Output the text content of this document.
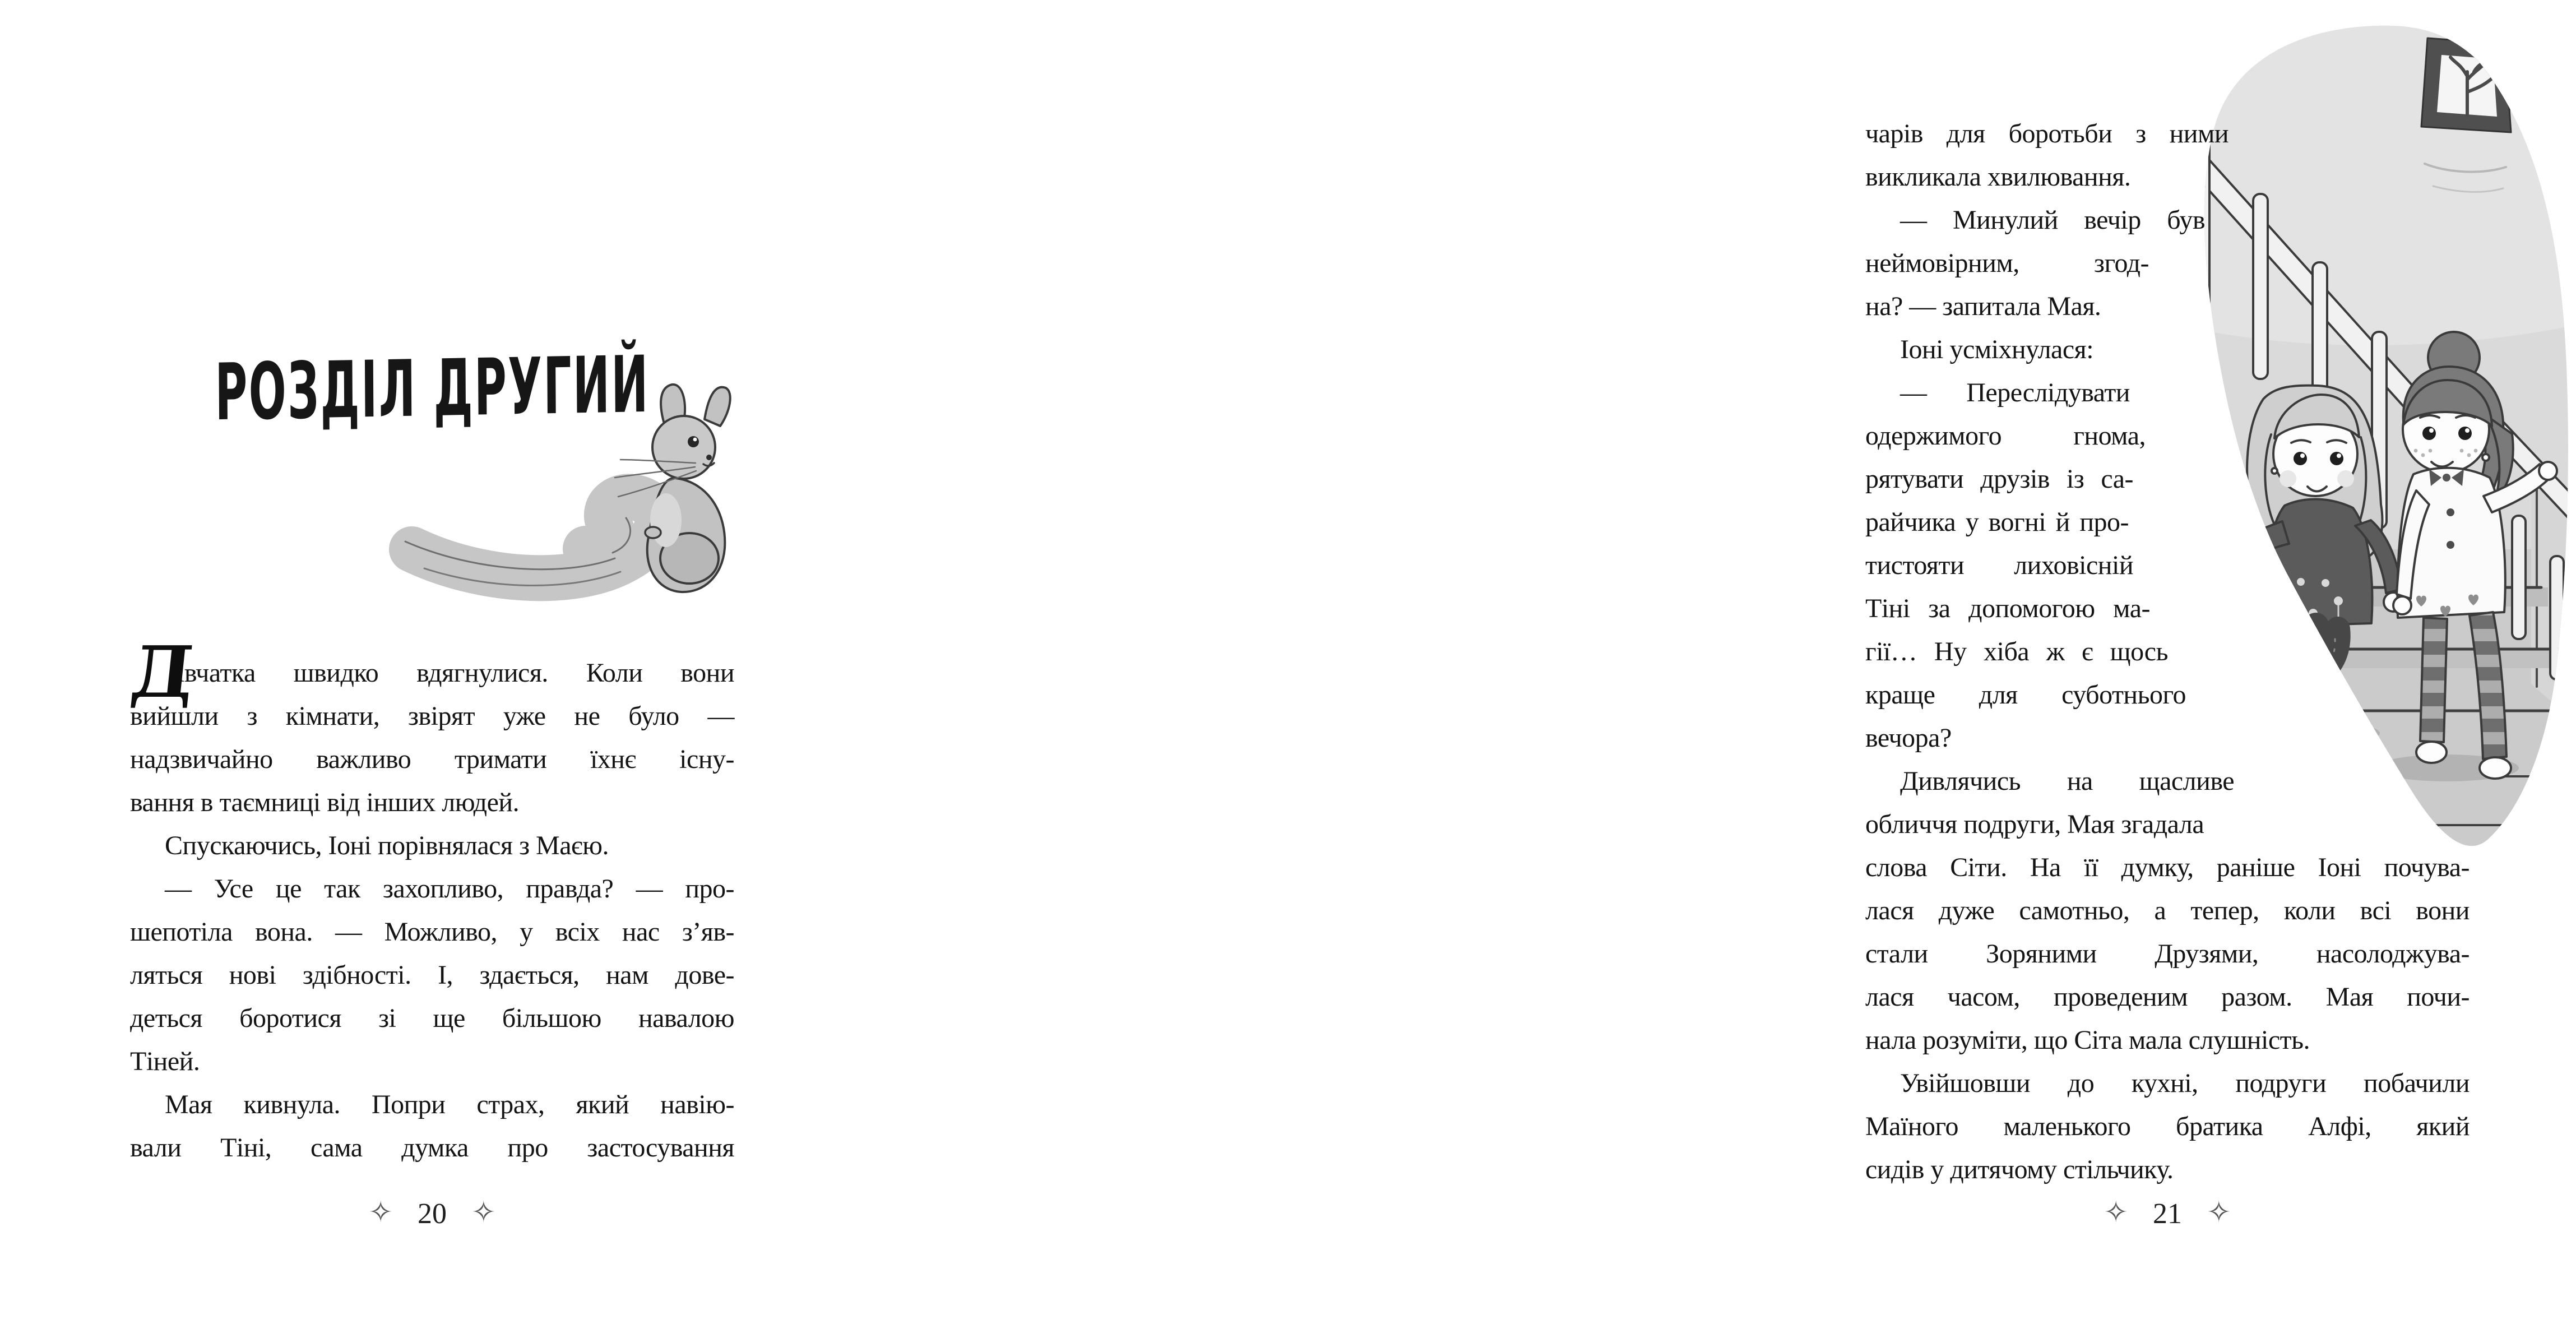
РОЗДІЛ ДРУГИЙ
Д
івчатка швидко вдягнулися. Коли вони
вийшли з кімнати, звірят уже не було —
надзвичайно важливо тримати їхнє існу-
вання в таємниці від інших людей.
Спускаючись, Іоні порівнялася з Маєю.
— Усе це так захопливо, правда? — про-
шепотіла вона. — Можливо, у всіх нас з’яв-
ляться нові здібності. І, здається, нам дове-
деться боротися зі ще більшою навалою
Тіней.
Мая кивнула. Попри страх, який навію-
вали Тіні, сама думка про застосування
✧ 20 ✧
чарів для боротьби з ними
викликала хвилювання.
— Минулий вечір був
неймовірним, згод-
на? — запитала Мая.
Іоні усміхнулася:
— Переслідувати
одержимого гнома,
рятувати друзів із са-
райчика у вогні й про-
тистояти лиховісній
Тіні за допомогою ма-
гії… Ну хіба ж є щось
краще для суботнього
вечора?
Дивлячись на щасливе
обличчя подруги, Мая згадала
слова Сіти. На її думку, раніше Іоні почува-
лася дуже самотньо, а тепер, коли всі вони
стали Зоряними Друзями, насолоджува-
лася часом, проведеним разом. Мая почи-
нала розуміти, що Сіта мала слушність.
Увійшовши до кухні, подруги побачили
Маїного маленького братика Алфі, який
сидів у дитячому стільчику.
✧ 21 ✧
